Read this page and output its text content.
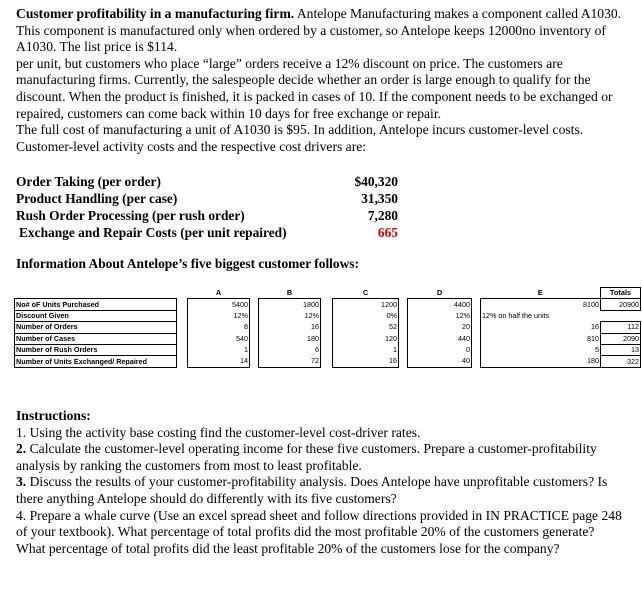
Customer profitability in a manufacturing firm. Antelope Manufacturing makes a component called A1030. This component is manufactured only when ordered by a customer, so Antelope keeps 12000no inventory of A1030. The list price is $114.
per unit, but customers who place “large” orders receive a 12% discount on price. The customers are manufacturing firms. Currently, the salespeople decide whether an order is large enough to qualify for the discount. When the product is finished, it is packed in cases of 10. If the component needs to be exchanged or repaired, customers can come back within 10 days for free exchange or repair.
The full cost of manufacturing a unit of A1030 is $95. In addition, Antelope incurs customer-level costs. Customer-level activity costs and the respective cost drivers are:
Order Taking (per order)	$40,320
Product Handling (per case)	31,350
Rush Order Processing (per rush order)	7,280
Exchange and Repair Costs (per unit repaired)	665
Information About Antelope’s five biggest customer follows:
		A		B		C		D		E	Totals
No# oF Units Purchased		5400		1800		1200		4400		8100	20900
Discount Given		12%		12%		0%		12%		12% on half the units	
Number of Orders		8		16		52		20		16	112
Number of Cases		540		180		120		440		810	2090
Number of Rush Orders		1		6		1		0		5	13
Number of Units Exchanged/ Repaired		14		72		16		40		180	322
Instructions:

1. Using the activity base costing find the customer-level cost-driver rates.

2. Calculate the customer-level operating income for these five customers. Prepare a customer-profitability analysis by ranking the customers from most to least profitable.

3. Discuss the results of your customer-profitability analysis. Does Antelope have unprofitable customers? Is there anything Antelope should do differently with its five customers?

4. Prepare a whale curve (Use an excel spread sheet and follow directions provided in IN PRACTICE page 248 of your textbook). What percentage of total profits did the most profitable 20% of the customers generate? What percentage of total profits did the least profitable 20% of the customers lose for the company?
